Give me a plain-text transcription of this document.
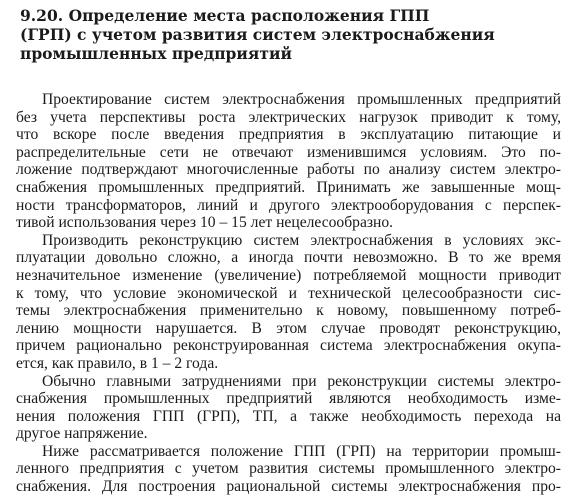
9.20. Определение места расположения ГПП
(ГРП) с учетом развития систем электроснабжения
промышленных предприятий
Проектирование систем электроснабжения промышленных предприятий
без учета перспективы роста электрических нагрузок приводит к тому,
что вскоре после введения предприятия в эксплуатацию питающие и
распределительные сети не отвечают изменившимся условиям. Это по-
ложение подтверждают многочисленные работы по анализу систем электро-
снабжения промышленных предприятий. Принимать же завышенные мощ-
ности трансформаторов, линий и другого электрооборудования с перспек-
тивой использования через 10 – 15 лет нецелесообразно.
Производить реконструкцию систем электроснабжения в условиях экс-
плуатации довольно сложно, а иногда почти невозможно. В то же время
незначительное изменение (увеличение) потребляемой мощности приводит
к тому, что условие экономической и технической целесообразности сис-
темы электроснабжения применительно к новому, повышенному потреб-
лению мощности нарушается. В этом случае проводят реконструкцию,
причем рационально реконструированная система электроснабжения окупа-
ется, как правило, в 1 – 2 года.
Обычно главными затруднениями при реконструкции системы электро-
снабжения промышленных предприятий являются необходимость изме-
нения положения ГПП (ГРП), ТП, а также необходимость перехода на
другое напряжение.
Ниже рассматривается положение ГПП (ГРП) на территории промыш-
ленного предприятия с учетом развития системы промышленного электро-
снабжения. Для построения рациональной системы электроснабжения про-
